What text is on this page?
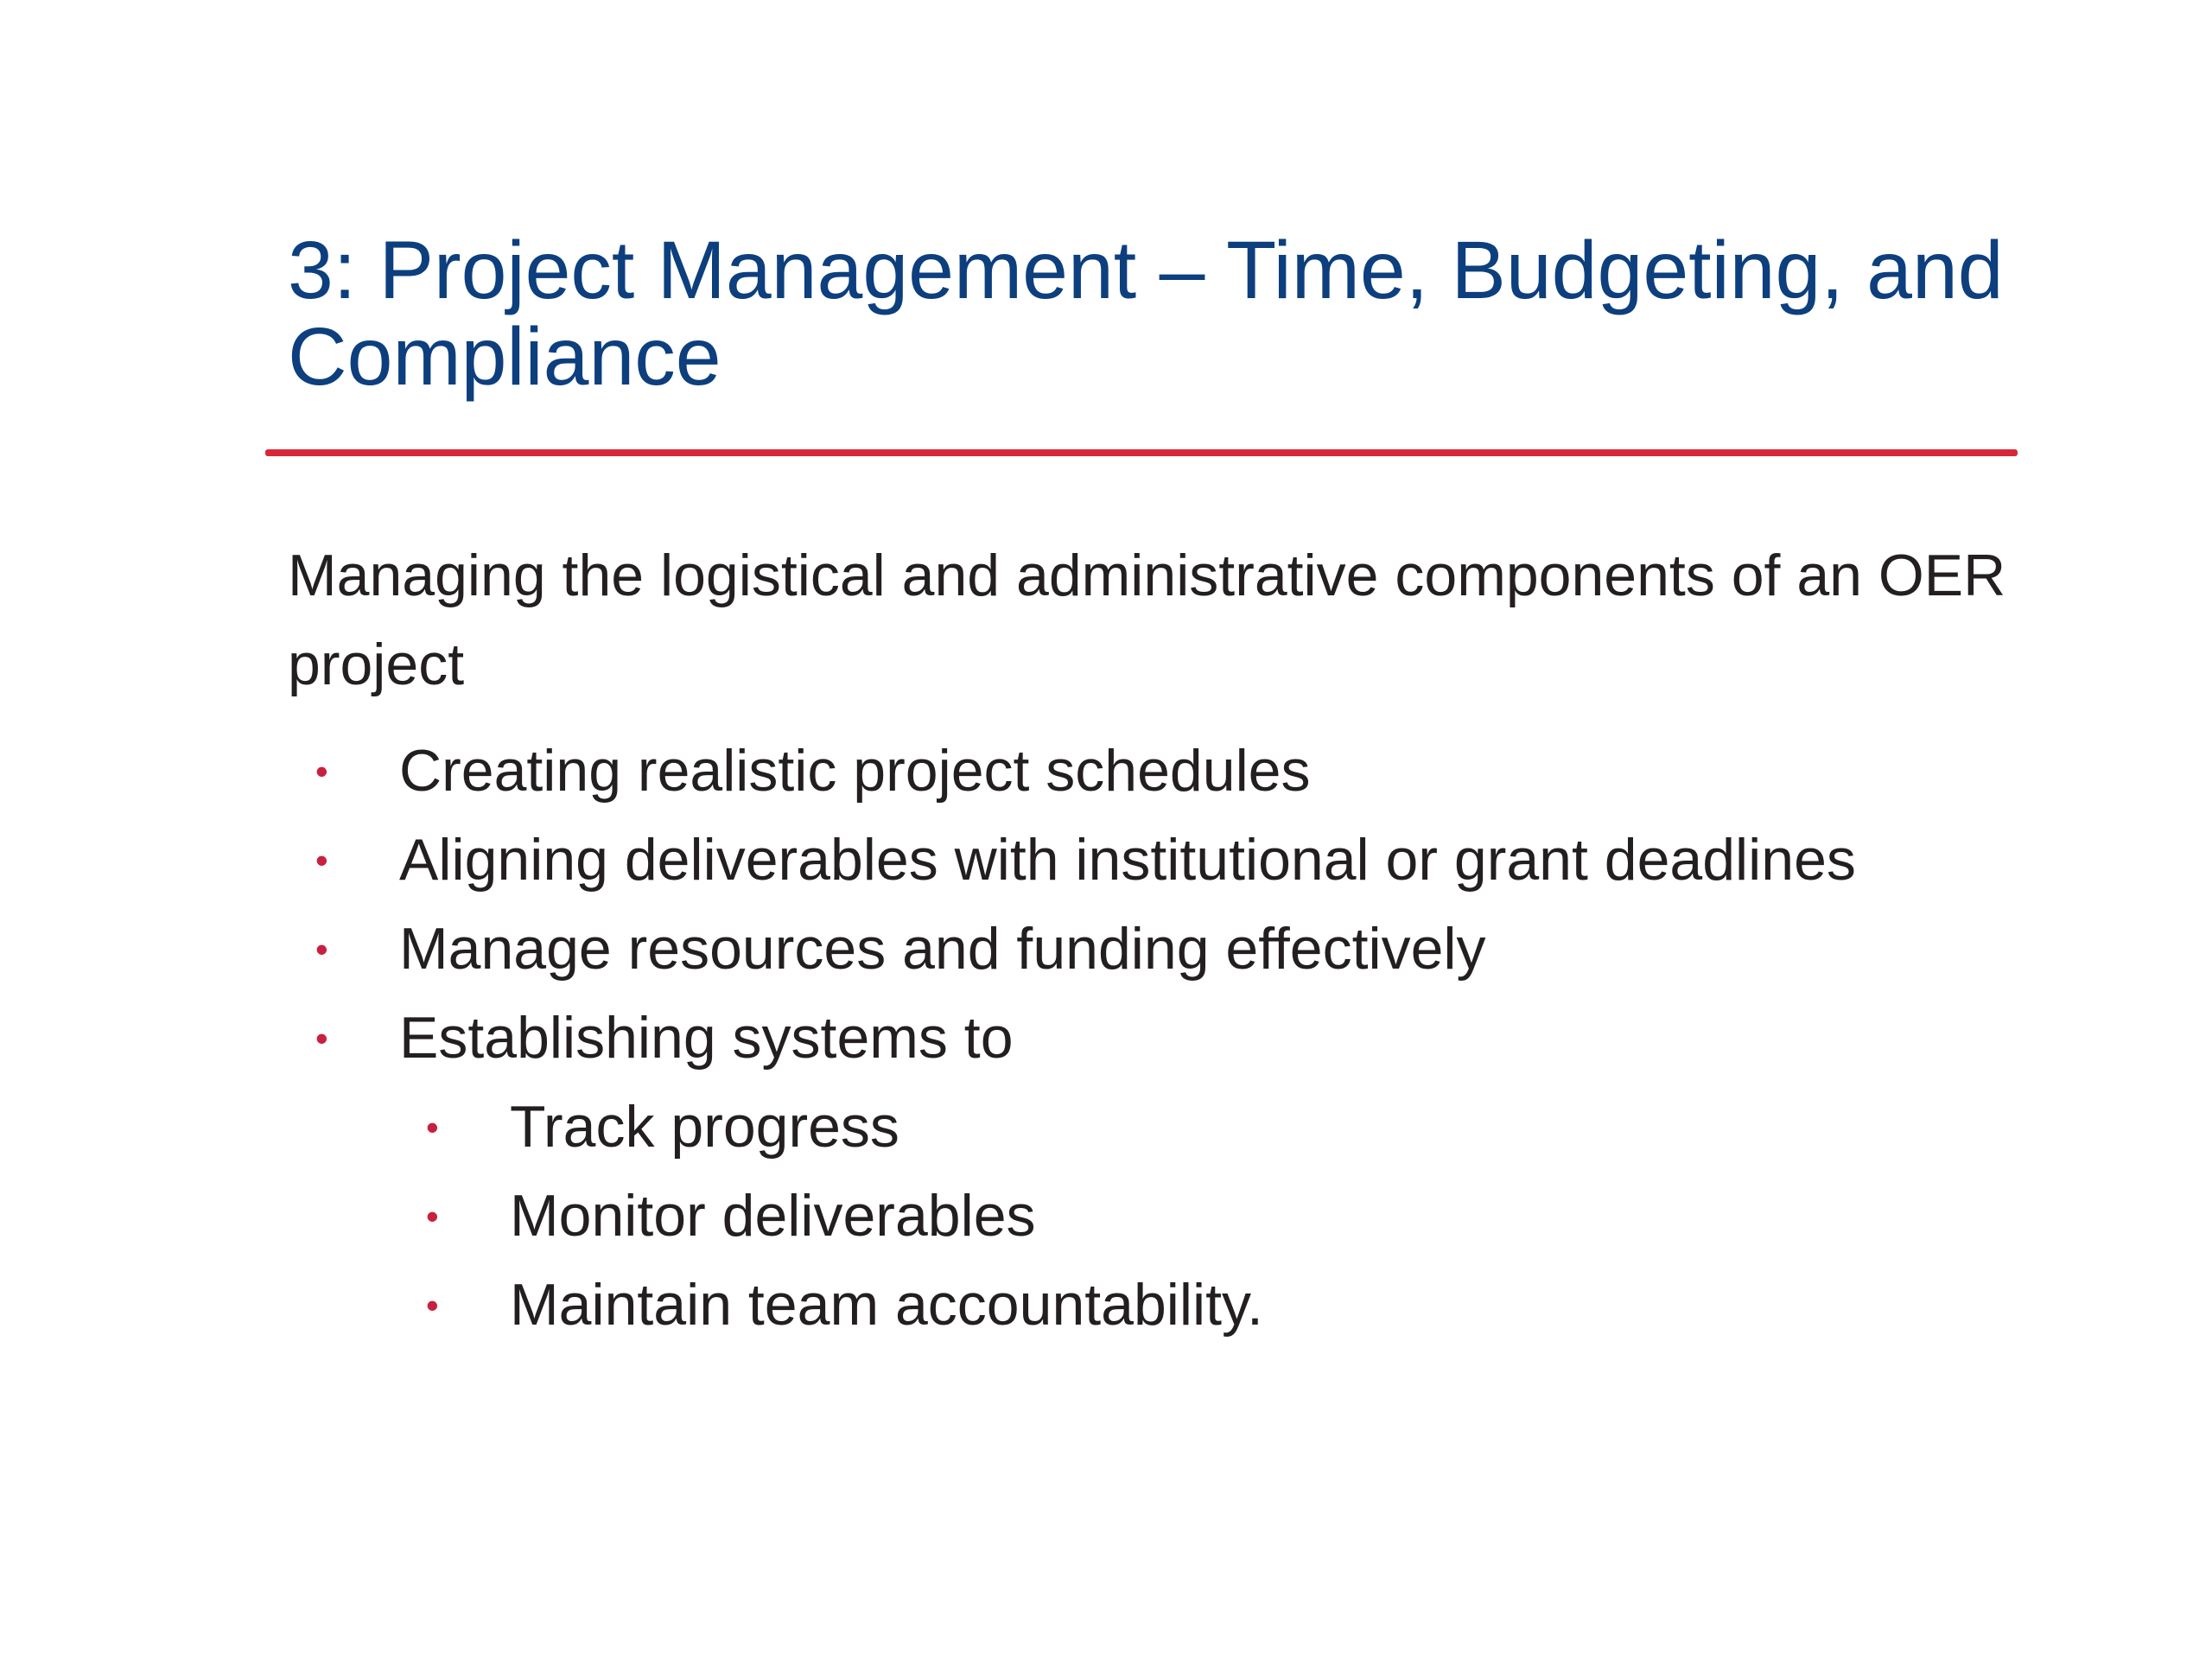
3: Project Management – Time, Budgeting, and Compliance

Managing the logistical and administrative components of an OER project

• Creating realistic project schedules
• Aligning deliverables with institutional or grant deadlines
• Manage resources and funding effectively
• Establishing systems to
• Track progress
• Monitor deliverables
• Maintain team accountability.
